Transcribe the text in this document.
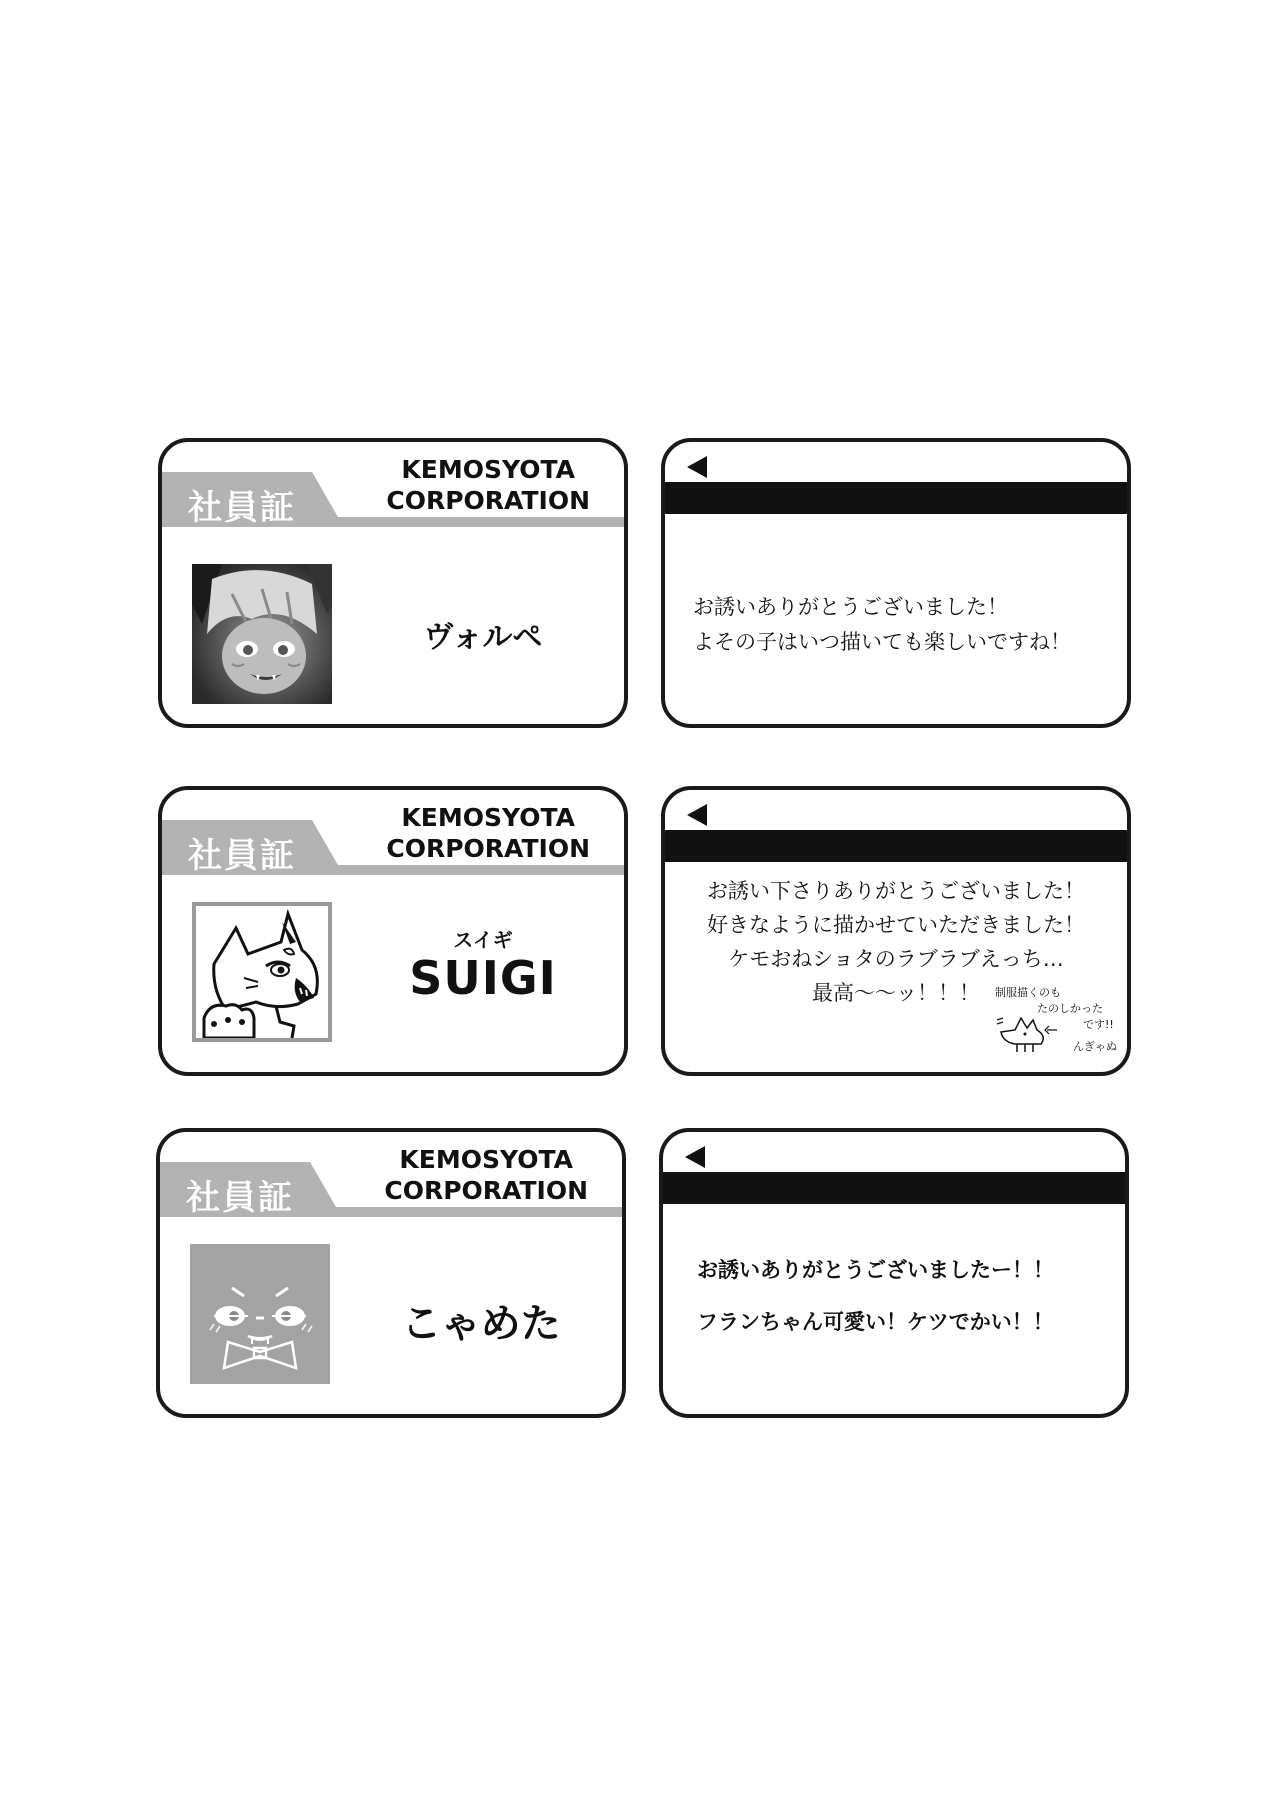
社員証
KEMOSYOTA
CORPORATION
ヴォルペ
お誘いありがとうございました！
よその子はいつ描いても楽しいですね！
社員証
KEMOSYOTA
CORPORATION
スイギ
SUIGI
お誘い下さりありがとうございました！
好きなように描かせていただきました！
ケモおねショタのラブラブえっち…
最高〜〜ッ！！！	制服描くのも
たのしかった
です!!
んぎゃぬ
社員証
KEMOSYOTA
CORPORATION
こゃめた
お誘いありがとうございましたー！！
フランちゃん可愛い！ケツでかい！！
